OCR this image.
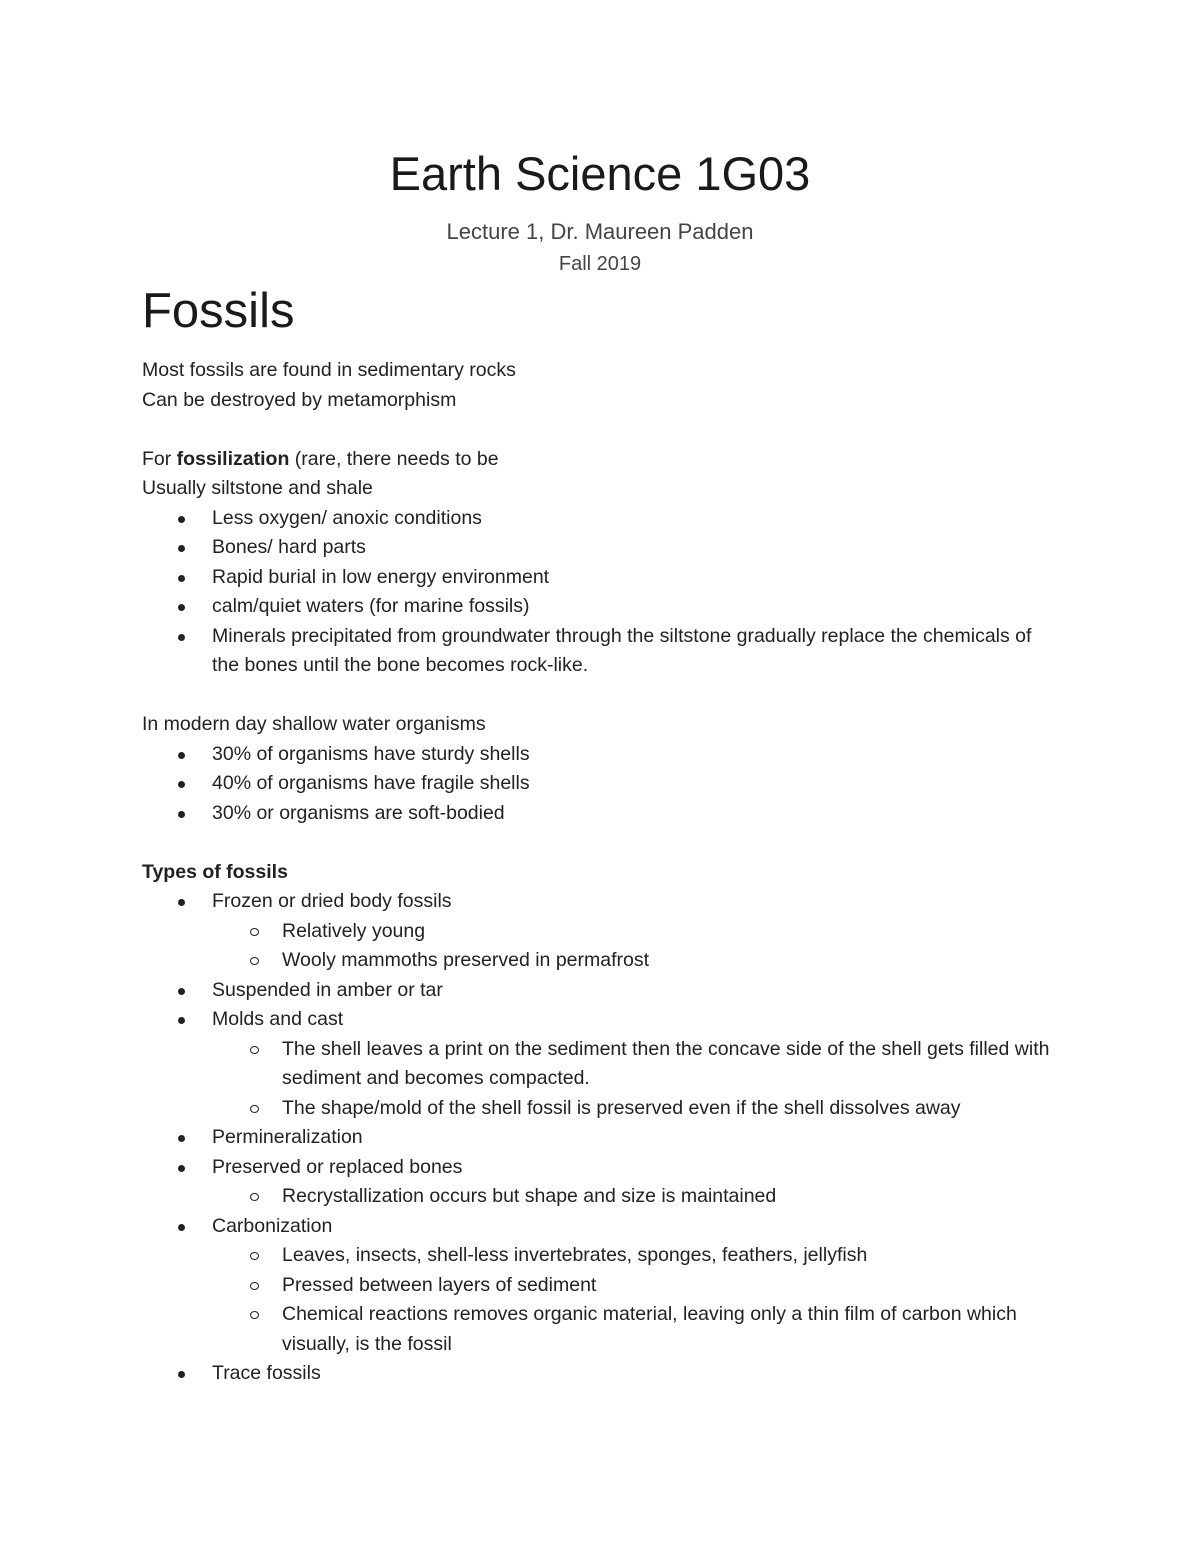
Earth Science 1G03
Lecture 1, Dr. Maureen Padden
Fall 2019
Fossils

Most fossils are found in sedimentary rocks

Can be destroyed by metamorphism

For fossilization (rare, there needs to be

Usually siltstone and shale

Less oxygen/ anoxic conditions
Bones/ hard parts
Rapid burial in low energy environment
calm/quiet waters (for marine fossils)
Minerals precipitated from groundwater through the siltstone gradually replace the chemicals of the bones until the bone becomes rock-like.

In modern day shallow water organisms

30% of organisms have sturdy shells
40% of organisms have fragile shells
30% or organisms are soft-bodied

Types of fossils

Frozen or dried body fossils
Relatively young
Wooly mammoths preserved in permafrost
Suspended in amber or tar
Molds and cast
The shell leaves a print on the sediment then the concave side of the shell gets filled with sediment and becomes compacted.
The shape/mold of the shell fossil is preserved even if the shell dissolves away
Permineralization
Preserved or replaced bones
Recrystallization occurs but shape and size is maintained
Carbonization
Leaves, insects, shell-less invertebrates, sponges, feathers, jellyfish
Pressed between layers of sediment
Chemical reactions removes organic material, leaving only a thin film of carbon which visually, is the fossil
Trace fossils
